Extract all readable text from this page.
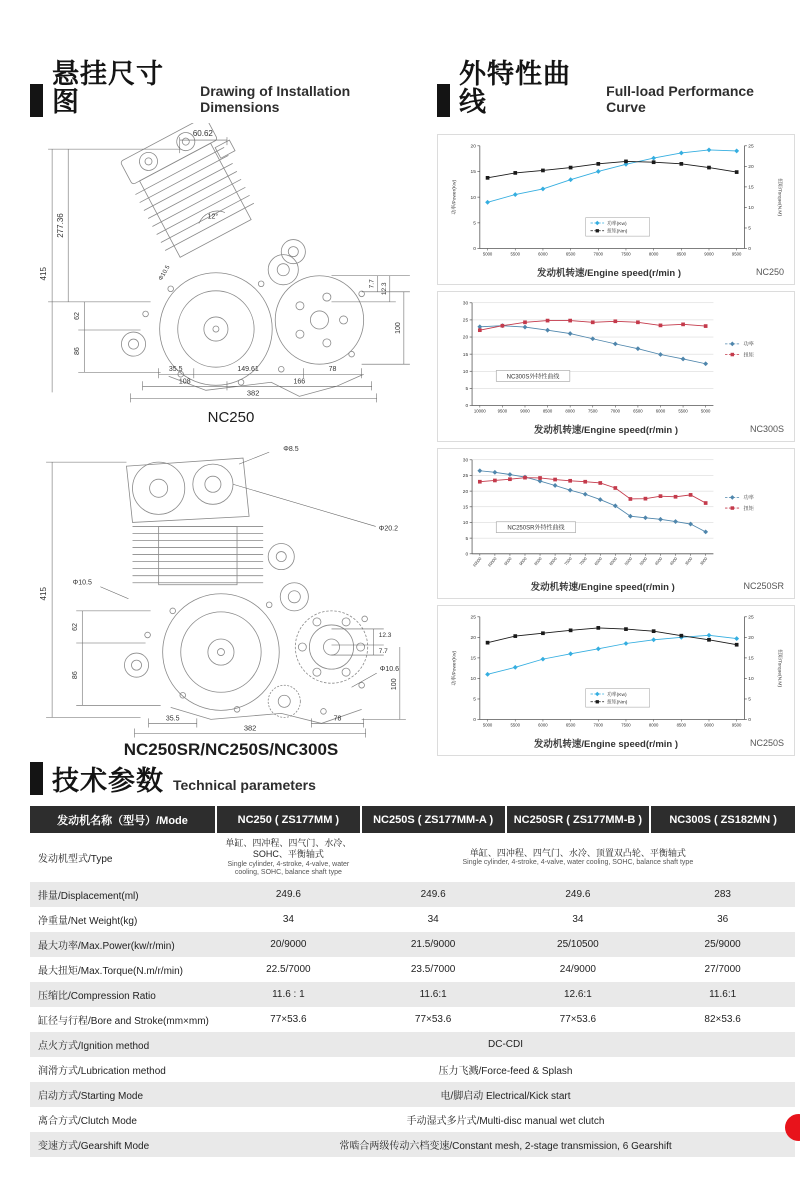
悬挂尺寸图	Drawing of Installation Dimensions
60.62
12°
415
277.36
62
86
Φ10.5
7.7 12.3
100
35.5	149.61	78
108	166
382
NC250
Φ8.5
Φ20.2
Φ10.5
415
62
86
12.3
7.7
Φ10.6
100
35.5	78
382
NC250SR/NC250S/NC300S
外特性曲线	Full-load Performance Curve
0
5
10
15
20
0
5
10
15
20
25
5000	5500	6000	6500	7000	7500	8000	8500	9000	9500
功率/Power(Kw)	扭矩/Torque(N.M)
功率(Kw)
扭矩(Nm)
发动机转速/Engine speed(r/min )	NC250
0
5
10
15
20
25
30
10000	9500	9000	8500	8000	7500	7000	6500	6000	5500	5000
NC300S外特性曲线
功率
扭矩
发动机转速/Engine speed(r/min )	NC300S
0
5
10
15
20
25
30
10500 10000 9500 9000 8500 8000 7500 7000 6500 6000 5500 5000 4500 4000 3500 3000
NC250SR外特性曲线
功率
扭矩
发动机转速/Engine speed(r/min )	NC250SR
0
5
10
15
20
25
0
5
10
15
20
25
5000	5500	6000	6500	7000	7500	8000	8500	9000	9500
功率/Power(Kw)	扭矩/Torque(N.M)
功率(Kw)
扭矩(Nm)
发动机转速/Engine speed(r/min )	NC250S
技术参数 Technical parameters
发动机名称（型号）/Mode	NC250 ( ZS177MM )	NC250S ( ZS177MM-A )	NC250SR ( ZS177MM-B )	NC300S ( ZS182MN )
发动机型式/Type	
单缸、四冲程、四气门、水冷、SOHC、平衡轴式
Single cylinder, 4-stroke, 4-valve, water cooling, SOHC, balance shaft type

单缸、四冲程、四气门、水冷、顶置双凸轮、平衡轴式
Single cylinder, 4-stroke, 4-valve, water cooling, SOHC, balance shaft type

排量/Displacement(ml)	249.6	249.6	249.6	283
净重量/Net Weight(kg)	34	34	34	36
最大功率/Max.Power(kw/r/min)	20/9000	21.5/9000	25/10500	25/9000
最大扭矩/Max.Torque(N.m/r/min)	22.5/7000	23.5/7000	24/9000	27/7000
压缩比/Compression Ratio	11.6 : 1	11.6:1	12.6:1	11.6:1
缸径与行程/Bore and Stroke(mm×mm)	77×53.6	77×53.6	77×53.6	82×53.6
点火方式/Ignition method	DC-CDI			
润滑方式/Lubrication method	压力飞溅/Force-feed & Splash			
启动方式/Starting Mode	电/脚启动 Electrical/Kick start			
离合方式/Clutch Mode	手动湿式多片式/Multi-disc manual wet clutch			
变速方式/Gearshift Mode	常啮合两级传动六档变速/Constant mesh, 2-stage transmission, 6 Gearshift			
